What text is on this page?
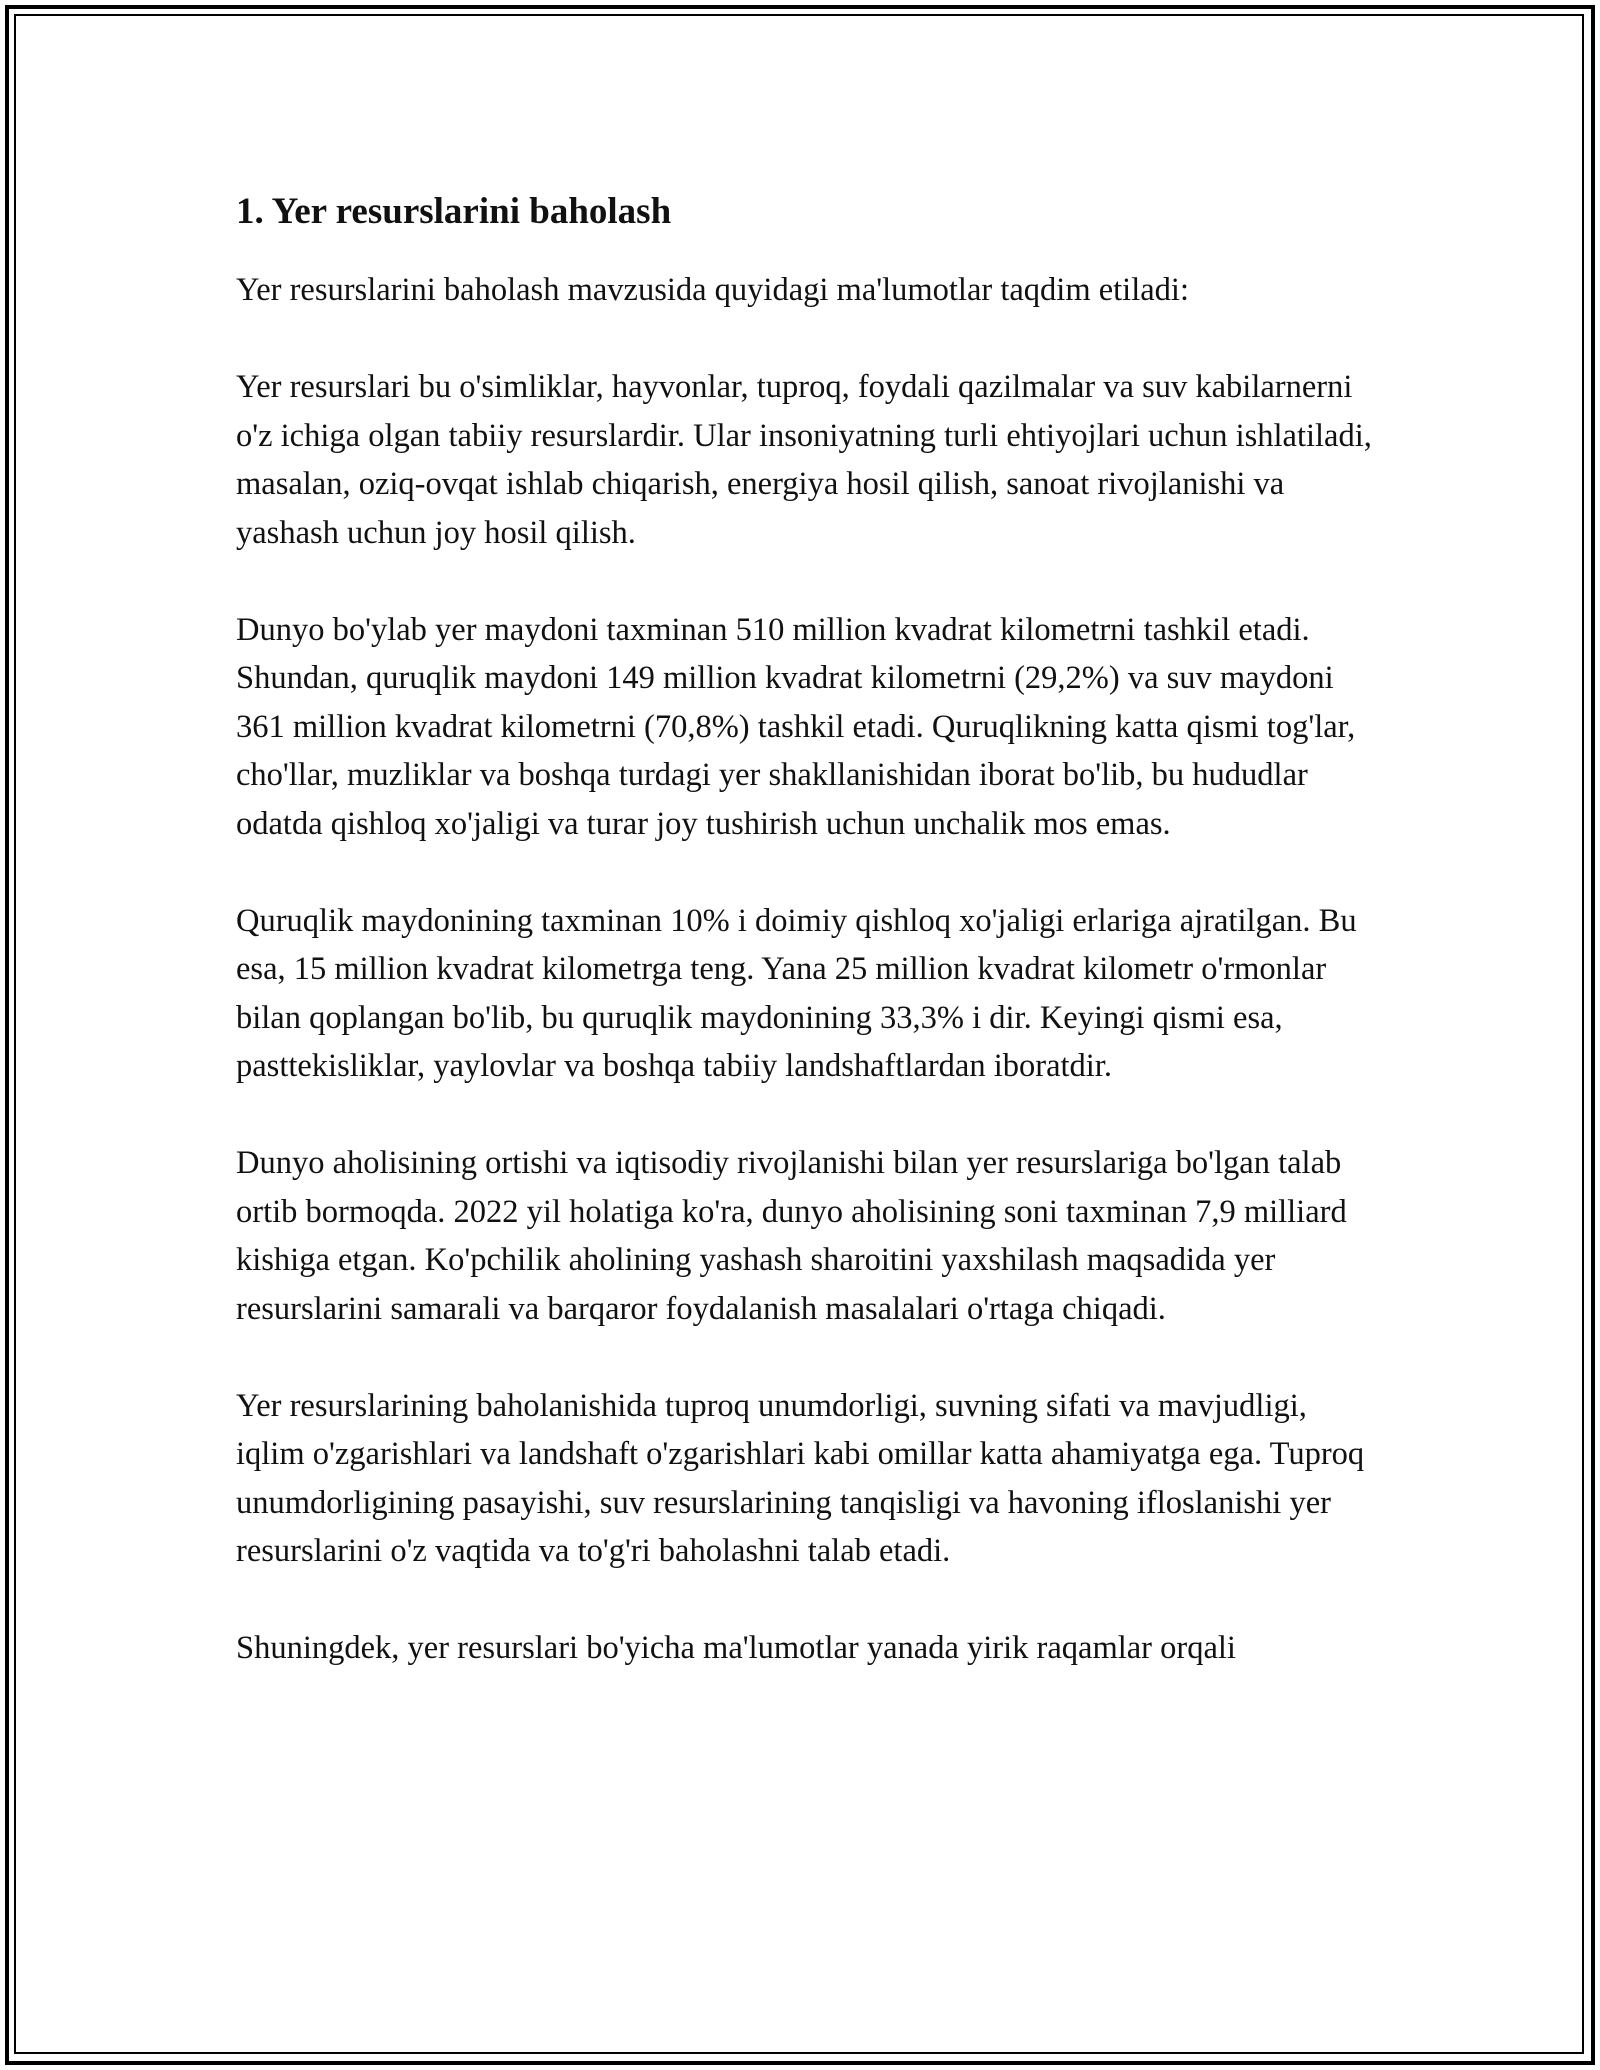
1. Yer resurslarini baholash

Yer resurslarini baholash mavzusida quyidagi ma'lumotlar taqdim etiladi:

Yer resurslari bu o'simliklar, hayvonlar, tuproq, foydali qazilmalar va suv kabilarnerni o'z ichiga olgan tabiiy resurslardir. Ular insoniyatning turli ehtiyojlari uchun ishlatiladi, masalan, oziq-ovqat ishlab chiqarish, energiya hosil qilish, sanoat rivojlanishi va yashash uchun joy hosil qilish.

Dunyo bo'ylab yer maydoni taxminan 510 million kvadrat kilometrni tashkil etadi. Shundan, quruqlik maydoni 149 million kvadrat kilometrni (29,2%) va suv maydoni 361 million kvadrat kilometrni (70,8%) tashkil etadi. Quruqlikning katta qismi tog'lar, cho'llar, muzliklar va boshqa turdagi yer shakllanishidan iborat bo'lib, bu hududlar odatda qishloq xo'jaligi va turar joy tushirish uchun unchalik mos emas.

Quruqlik maydonining taxminan 10% i doimiy qishloq xo'jaligi erlariga ajratilgan. Bu esa, 15 million kvadrat kilometrga teng. Yana 25 million kvadrat kilometr o'rmonlar bilan qoplangan bo'lib, bu quruqlik maydonining 33,3% i dir. Keyingi qismi esa, pasttekisliklar, yaylovlar va boshqa tabiiy landshaftlardan iboratdir.

Dunyo aholisining ortishi va iqtisodiy rivojlanishi bilan yer resurslariga bo'lgan talab ortib bormoqda. 2022 yil holatiga ko'ra, dunyo aholisining soni taxminan 7,9 milliard kishiga etgan. Ko'pchilik aholining yashash sharoitini yaxshilash maqsadida yer resurslarini samarali va barqaror foydalanish masalalari o'rtaga chiqadi.

Yer resurslarining baholanishida tuproq unumdorligi, suvning sifati va mavjudligi, iqlim o'zgarishlari va landshaft o'zgarishlari kabi omillar katta ahamiyatga ega. Tuproq unumdorligining pasayishi, suv resurslarining tanqisligi va havoning ifloslanishi yer resurslarini o'z vaqtida va to'g'ri baholashni talab etadi.

Shuningdek, yer resurslari bo'yicha ma'lumotlar yanada yirik raqamlar orqali
